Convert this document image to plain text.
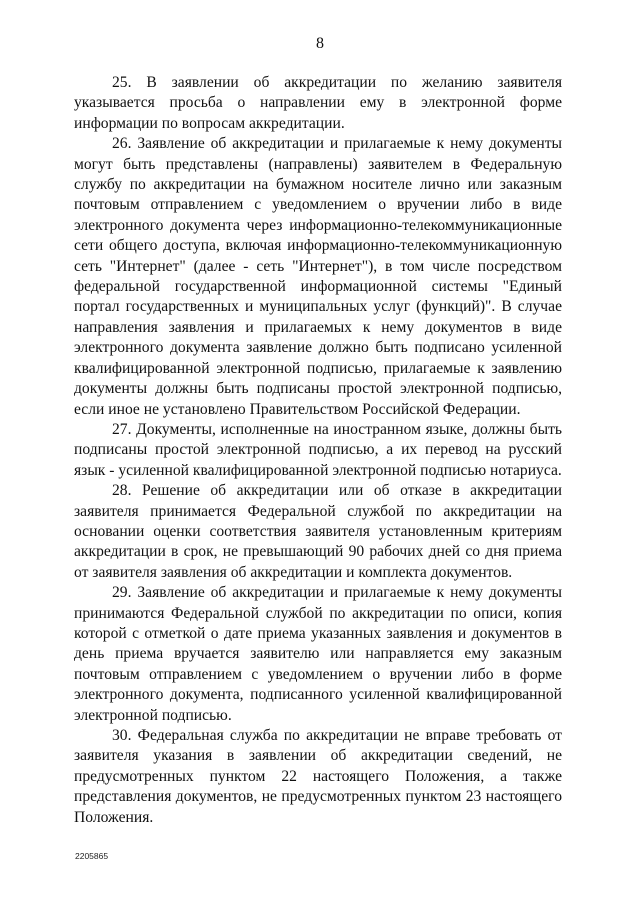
8

25. В заявлении об аккредитации по желанию заявителя указывается просьба о направлении ему в электронной форме информации по вопросам аккредитации.

26. Заявление об аккредитации и прилагаемые к нему документы могут быть представлены (направлены) заявителем в Федеральную службу по аккредитации на бумажном носителе лично или заказным почтовым отправлением с уведомлением о вручении либо в виде электронного документа через информационно-телекоммуникационные сети общего доступа, включая информационно-телекоммуникационную сеть "Интернет" (далее - сеть "Интернет"), в том числе посредством федеральной государственной информационной системы "Единый портал государственных и муниципальных услуг (функций)". В случае направления заявления и прилагаемых к нему документов в виде электронного документа заявление должно быть подписано усиленной квалифицированной электронной подписью, прилагаемые к заявлению документы должны быть подписаны простой электронной подписью, если иное не установлено Правительством Российской Федерации.

27. Документы, исполненные на иностранном языке, должны быть подписаны простой электронной подписью, а их перевод на русский язык - усиленной квалифицированной электронной подписью нотариуса.

28. Решение об аккредитации или об отказе в аккредитации заявителя принимается Федеральной службой по аккредитации на основании оценки соответствия заявителя установленным критериям аккредитации в срок, не превышающий 90 рабочих дней со дня приема от заявителя заявления об аккредитации и комплекта документов.

29. Заявление об аккредитации и прилагаемые к нему документы принимаются Федеральной службой по аккредитации по описи, копия которой с отметкой о дате приема указанных заявления и документов в день приема вручается заявителю или направляется ему заказным почтовым отправлением с уведомлением о вручении либо в форме электронного документа, подписанного усиленной квалифицированной электронной подписью.

30. Федеральная служба по аккредитации не вправе требовать от заявителя указания в заявлении об аккредитации сведений, не предусмотренных пунктом 22 настоящего Положения, а также представления документов, не предусмотренных пунктом 23 настоящего Положения.

2205865
